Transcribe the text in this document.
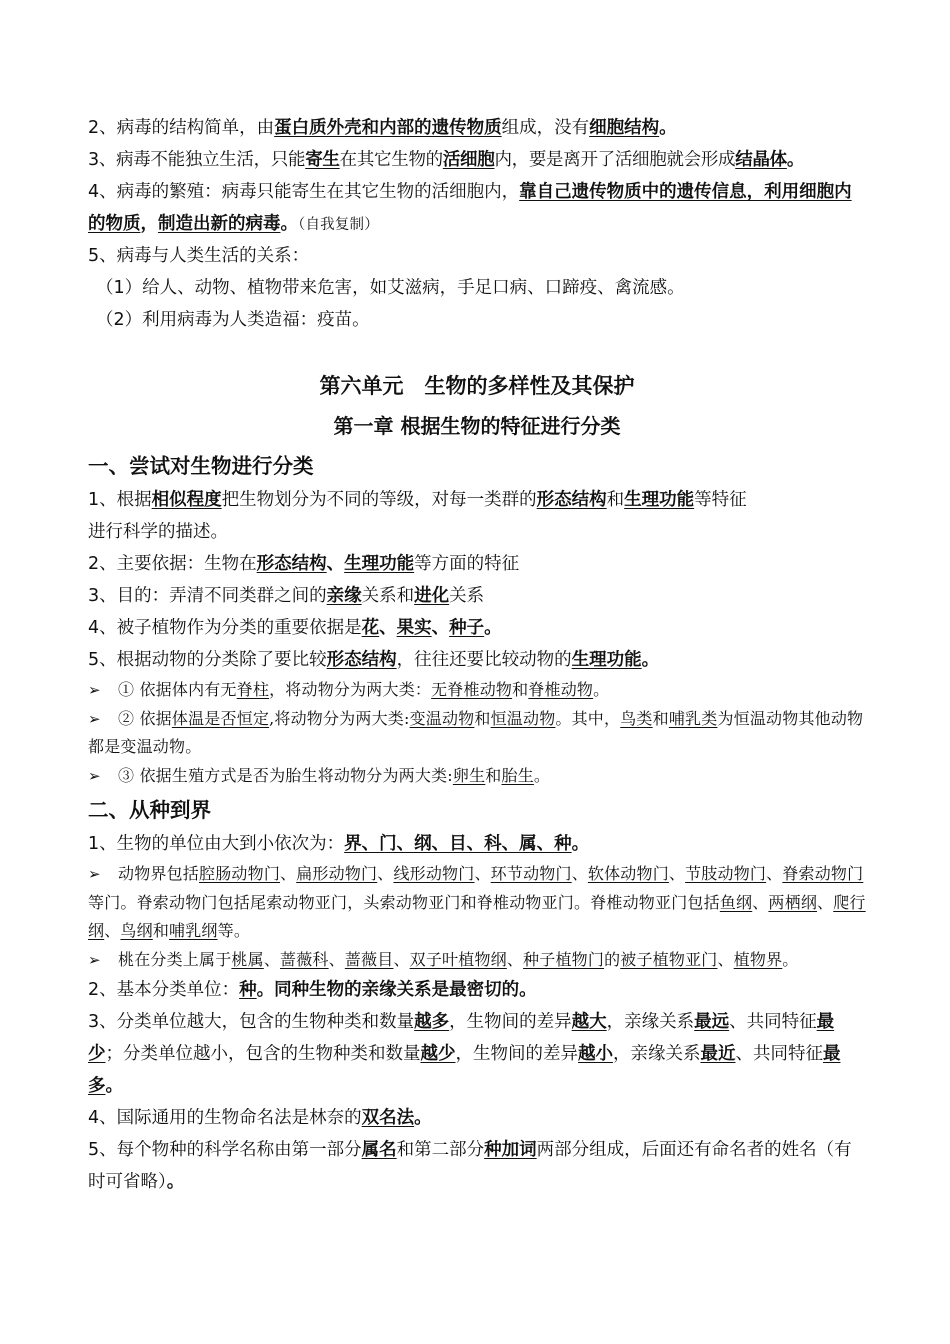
2、病毒的结构简单，由蛋白质外壳和内部的遗传物质组成，没有细胞结构。

3、病毒不能独立生活，只能寄生在其它生物的活细胞内，要是离开了活细胞就会形成结晶体。

4、病毒的繁殖：病毒只能寄生在其它生物的活细胞内，靠自己遗传物质中的遗传信息，利用细胞内的物质，制造出新的病毒。（自我复制）

5、病毒与人类生活的关系：

（1）给人、动物、植物带来危害，如艾滋病，手足口病、口蹄疫、禽流感。

（2）利用病毒为人类造福：疫苗。

第六单元　生物的多样性及其保护
第一章 根据生物的特征进行分类
一、尝试对生物进行分类

1、根据相似程度把生物划分为不同的等级，对每一类群的形态结构和生理功能等特征
进行科学的描述。

2、主要依据：生物在形态结构、生理功能等方面的特征

3、目的：弄清不同类群之间的亲缘关系和进化关系

4、被子植物作为分类的重要依据是花、果实、种子。

5、根据动物的分类除了要比较形态结构，往往还要比较动物的生理功能。

➢ ① 依据体内有无脊柱，将动物分为两大类：无脊椎动物和脊椎动物。

➢ ② 依据体温是否恒定,将动物分为两大类:变温动物和恒温动物。其中，鸟类和哺乳类为恒温动物其他动物都是变温动物。

➢ ③ 依据生殖方式是否为胎生将动物分为两大类:卵生和胎生。

二、从种到界

1、生物的单位由大到小依次为：界、门、纲、目、科、属、种。

➢ 动物界包括腔肠动物门、扁形动物门、线形动物门、环节动物门、软体动物门、节肢动物门、脊索动物门等门。脊索动物门包括尾索动物亚门，头索动物亚门和脊椎动物亚门。脊椎动物亚门包括鱼纲、两栖纲、爬行纲、鸟纲和哺乳纲等。

➢ 桃在分类上属于桃属、蔷薇科、蔷薇目、双子叶植物纲、种子植物门的被子植物亚门、植物界。

2、基本分类单位：种。同种生物的亲缘关系是最密切的。

3、分类单位越大，包含的生物种类和数量越多，生物间的差异越大，亲缘关系最远、共同特征最少；分类单位越小，包含的生物种类和数量越少，生物间的差异越小，亲缘关系最近、共同特征最多。

4、国际通用的生物命名法是林奈的双名法。

5、每个物种的科学名称由第一部分属名和第二部分种加词两部分组成，后面还有命名者的姓名（有时可省略）。
